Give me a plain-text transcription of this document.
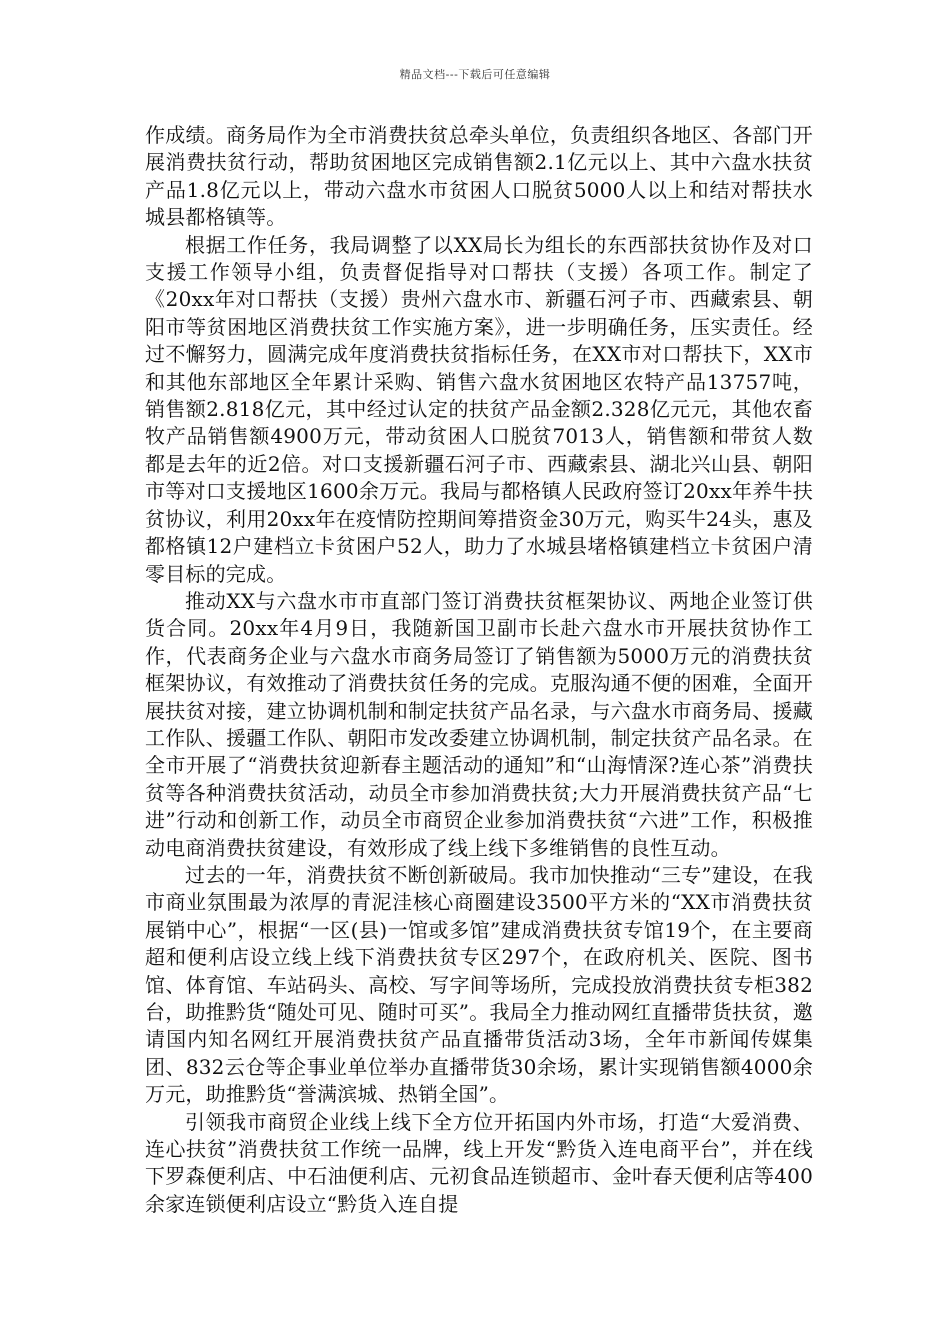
精品文档---下载后可任意编辑

作成绩。商务局作为全市消费扶贫总牵头单位，负责组织各地区、各部门开展消费扶贫行动，帮助贫困地区完成销售额2.1亿元以上、其中六盘水扶贫产品1.8亿元以上，带动六盘水市贫困人口脱贫5000人以上和结对帮扶水城县都格镇等。

根据工作任务，我局调整了以XX局长为组长的东西部扶贫协作及对口支援工作领导小组，负责督促指导对口帮扶（支援）各项工作。制定了《20xx年对口帮扶（支援）贵州六盘水市、新疆石河子市、西藏索县、朝阳市等贫困地区消费扶贫工作实施方案》，进一步明确任务，压实责任。经过不懈努力，圆满完成年度消费扶贫指标任务，在XX市对口帮扶下，XX市和其他东部地区全年累计采购、销售六盘水贫困地区农特产品13757吨，销售额2.818亿元，其中经过认定的扶贫产品金额2.328亿元元，其他农畜牧产品销售额4900万元，带动贫困人口脱贫7013人，销售额和带贫人数都是去年的近2倍。对口支援新疆石河子市、西藏索县、湖北兴山县、朝阳市等对口支援地区1600余万元。我局与都格镇人民政府签订20xx年养牛扶贫协议，利用20xx年在疫情防控期间筹措资金30万元，购买牛24头，惠及都格镇12户建档立卡贫困户52人，助力了水城县堵格镇建档立卡贫困户清零目标的完成。

推动XX与六盘水市市直部门签订消费扶贫框架协议、两地企业签订供货合同。20xx年4月9日，我随新国卫副市长赴六盘水市开展扶贫协作工作，代表商务企业与六盘水市商务局签订了销售额为5000万元的消费扶贫框架协议，有效推动了消费扶贫任务的完成。克服沟通不便的困难，全面开展扶贫对接，建立协调机制和制定扶贫产品名录，与六盘水市商务局、援藏工作队、援疆工作队、朝阳市发改委建立协调机制，制定扶贫产品名录。在全市开展了“消费扶贫迎新春主题活动的通知”和“山海情深?连心茶”消费扶贫等各种消费扶贫活动，动员全市参加消费扶贫;大力开展消费扶贫产品“七进”行动和创新工作，动员全市商贸企业参加消费扶贫“六进”工作，积极推动电商消费扶贫建设，有效形成了线上线下多维销售的良性互动。

过去的一年，消费扶贫不断创新破局。我市加快推动“三专”建设，在我市商业氛围最为浓厚的青泥洼核心商圈建设3500平方米的“XX市消费扶贫展销中心”，根据“一区(县)一馆或多馆”建成消费扶贫专馆19个，在主要商超和便利店设立线上线下消费扶贫专区297个，在政府机关、医院、图书馆、体育馆、车站码头、高校、写字间等场所，完成投放消费扶贫专柜382台，助推黔货“随处可见、随时可买”。我局全力推动网红直播带货扶贫，邀请国内知名网红开展消费扶贫产品直播带货活动3场，全年市新闻传媒集团、832云仓等企事业单位举办直播带货30余场，累计实现销售额4000余万元，助推黔货“誉满滨城、热销全国”。

引领我市商贸企业线上线下全方位开拓国内外市场，打造“大爱消费、连心扶贫”消费扶贫工作统一品牌，线上开发“黔货入连电商平台”，并在线下罗森便利店、中石油便利店、元初食品连锁超市、金叶春天便利店等400余家连锁便利店设立“黔货入连自提
